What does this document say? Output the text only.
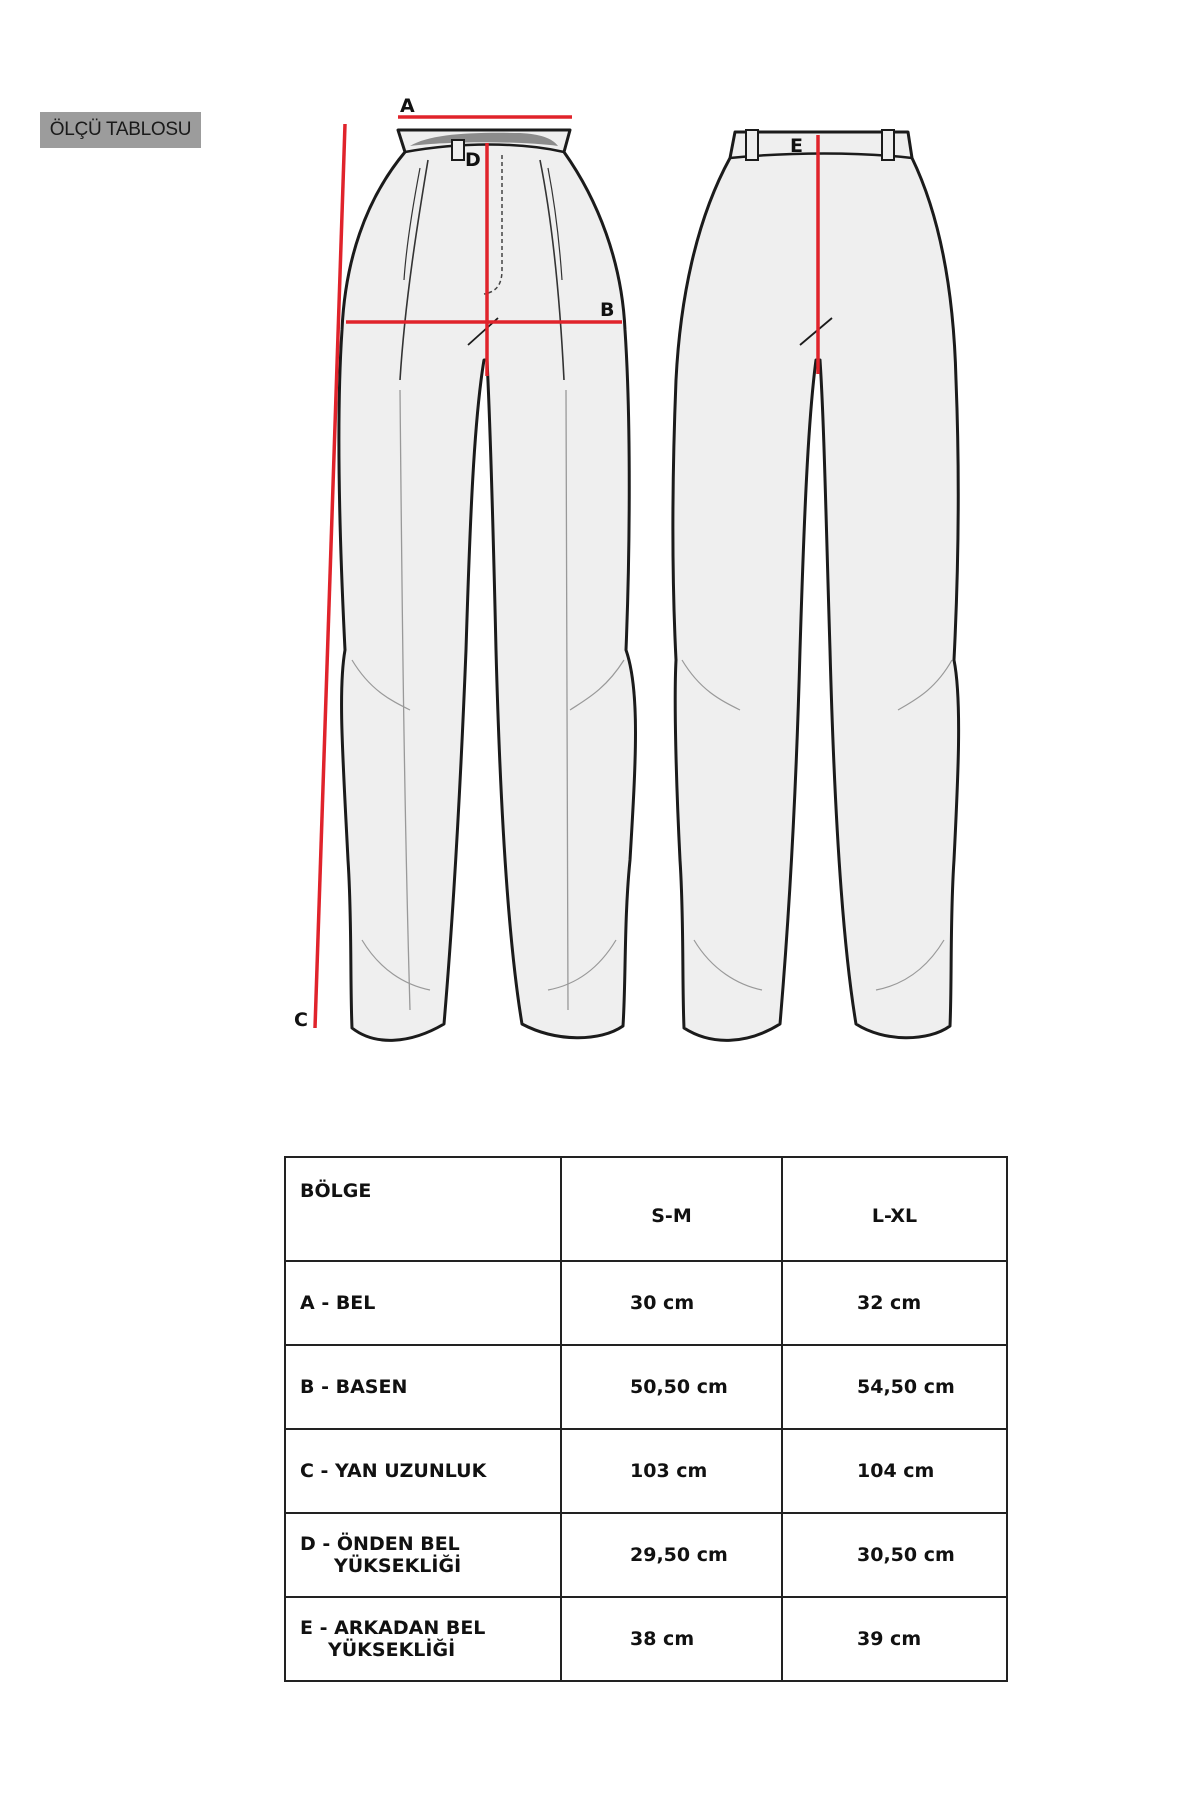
ÖLÇÜ TABLOSU
A
B
C
D
E
BÖLGE	S-M	L-XL
A - BEL	30 cm	32 cm
B - BASEN	50,50 cm	54,50 cm
C - YAN UZUNLUK	103 cm	104 cm
D - ÖNDEN BEL
YÜKSEKLİĞİ	29,50 cm	30,50 cm
E - ARKADAN BEL
YÜKSEKLİĞİ	38 cm	39 cm
